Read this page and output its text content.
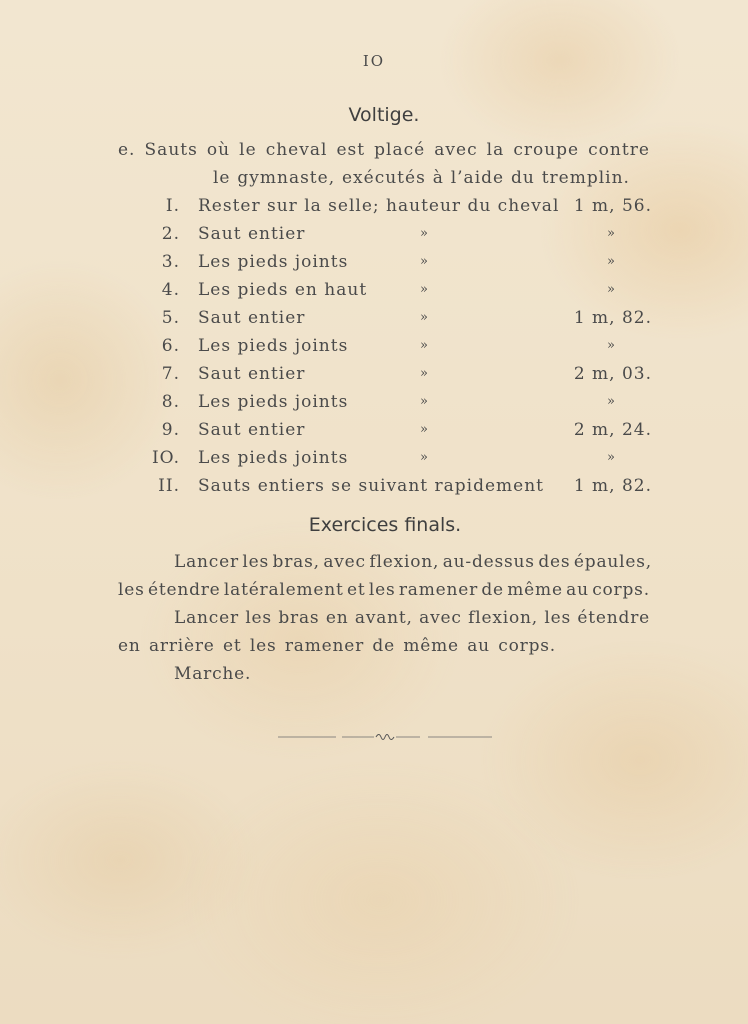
IO
Voltige.
e. Sauts où le cheval est placé avec la croupe contre
le gymnaste, exécutés à l’aide du tremplin.
I. Rester sur la selle; hauteur du cheval 1 m, 56.
2. Saut entier	»	»
3. Les pieds joints	»	»
4. Les pieds en haut	»	»
5. Saut entier	»	1 m, 82.
6. Les pieds joints	»	»
7. Saut entier	»	2 m, 03.
8. Les pieds joints	»	»
9. Saut entier	»	2 m, 24.
IO. Les pieds joints	»	»
II. Sauts entiers se suivant rapidement 1 m, 82.
Exercices finals.
Lancer les bras, avec flexion, au-dessus des épaules,
les étendre latéralement et les ramener de même au corps.
Lancer les bras en avant, avec flexion, les étendre
en arrière et les ramener de même au corps.
Marche.
